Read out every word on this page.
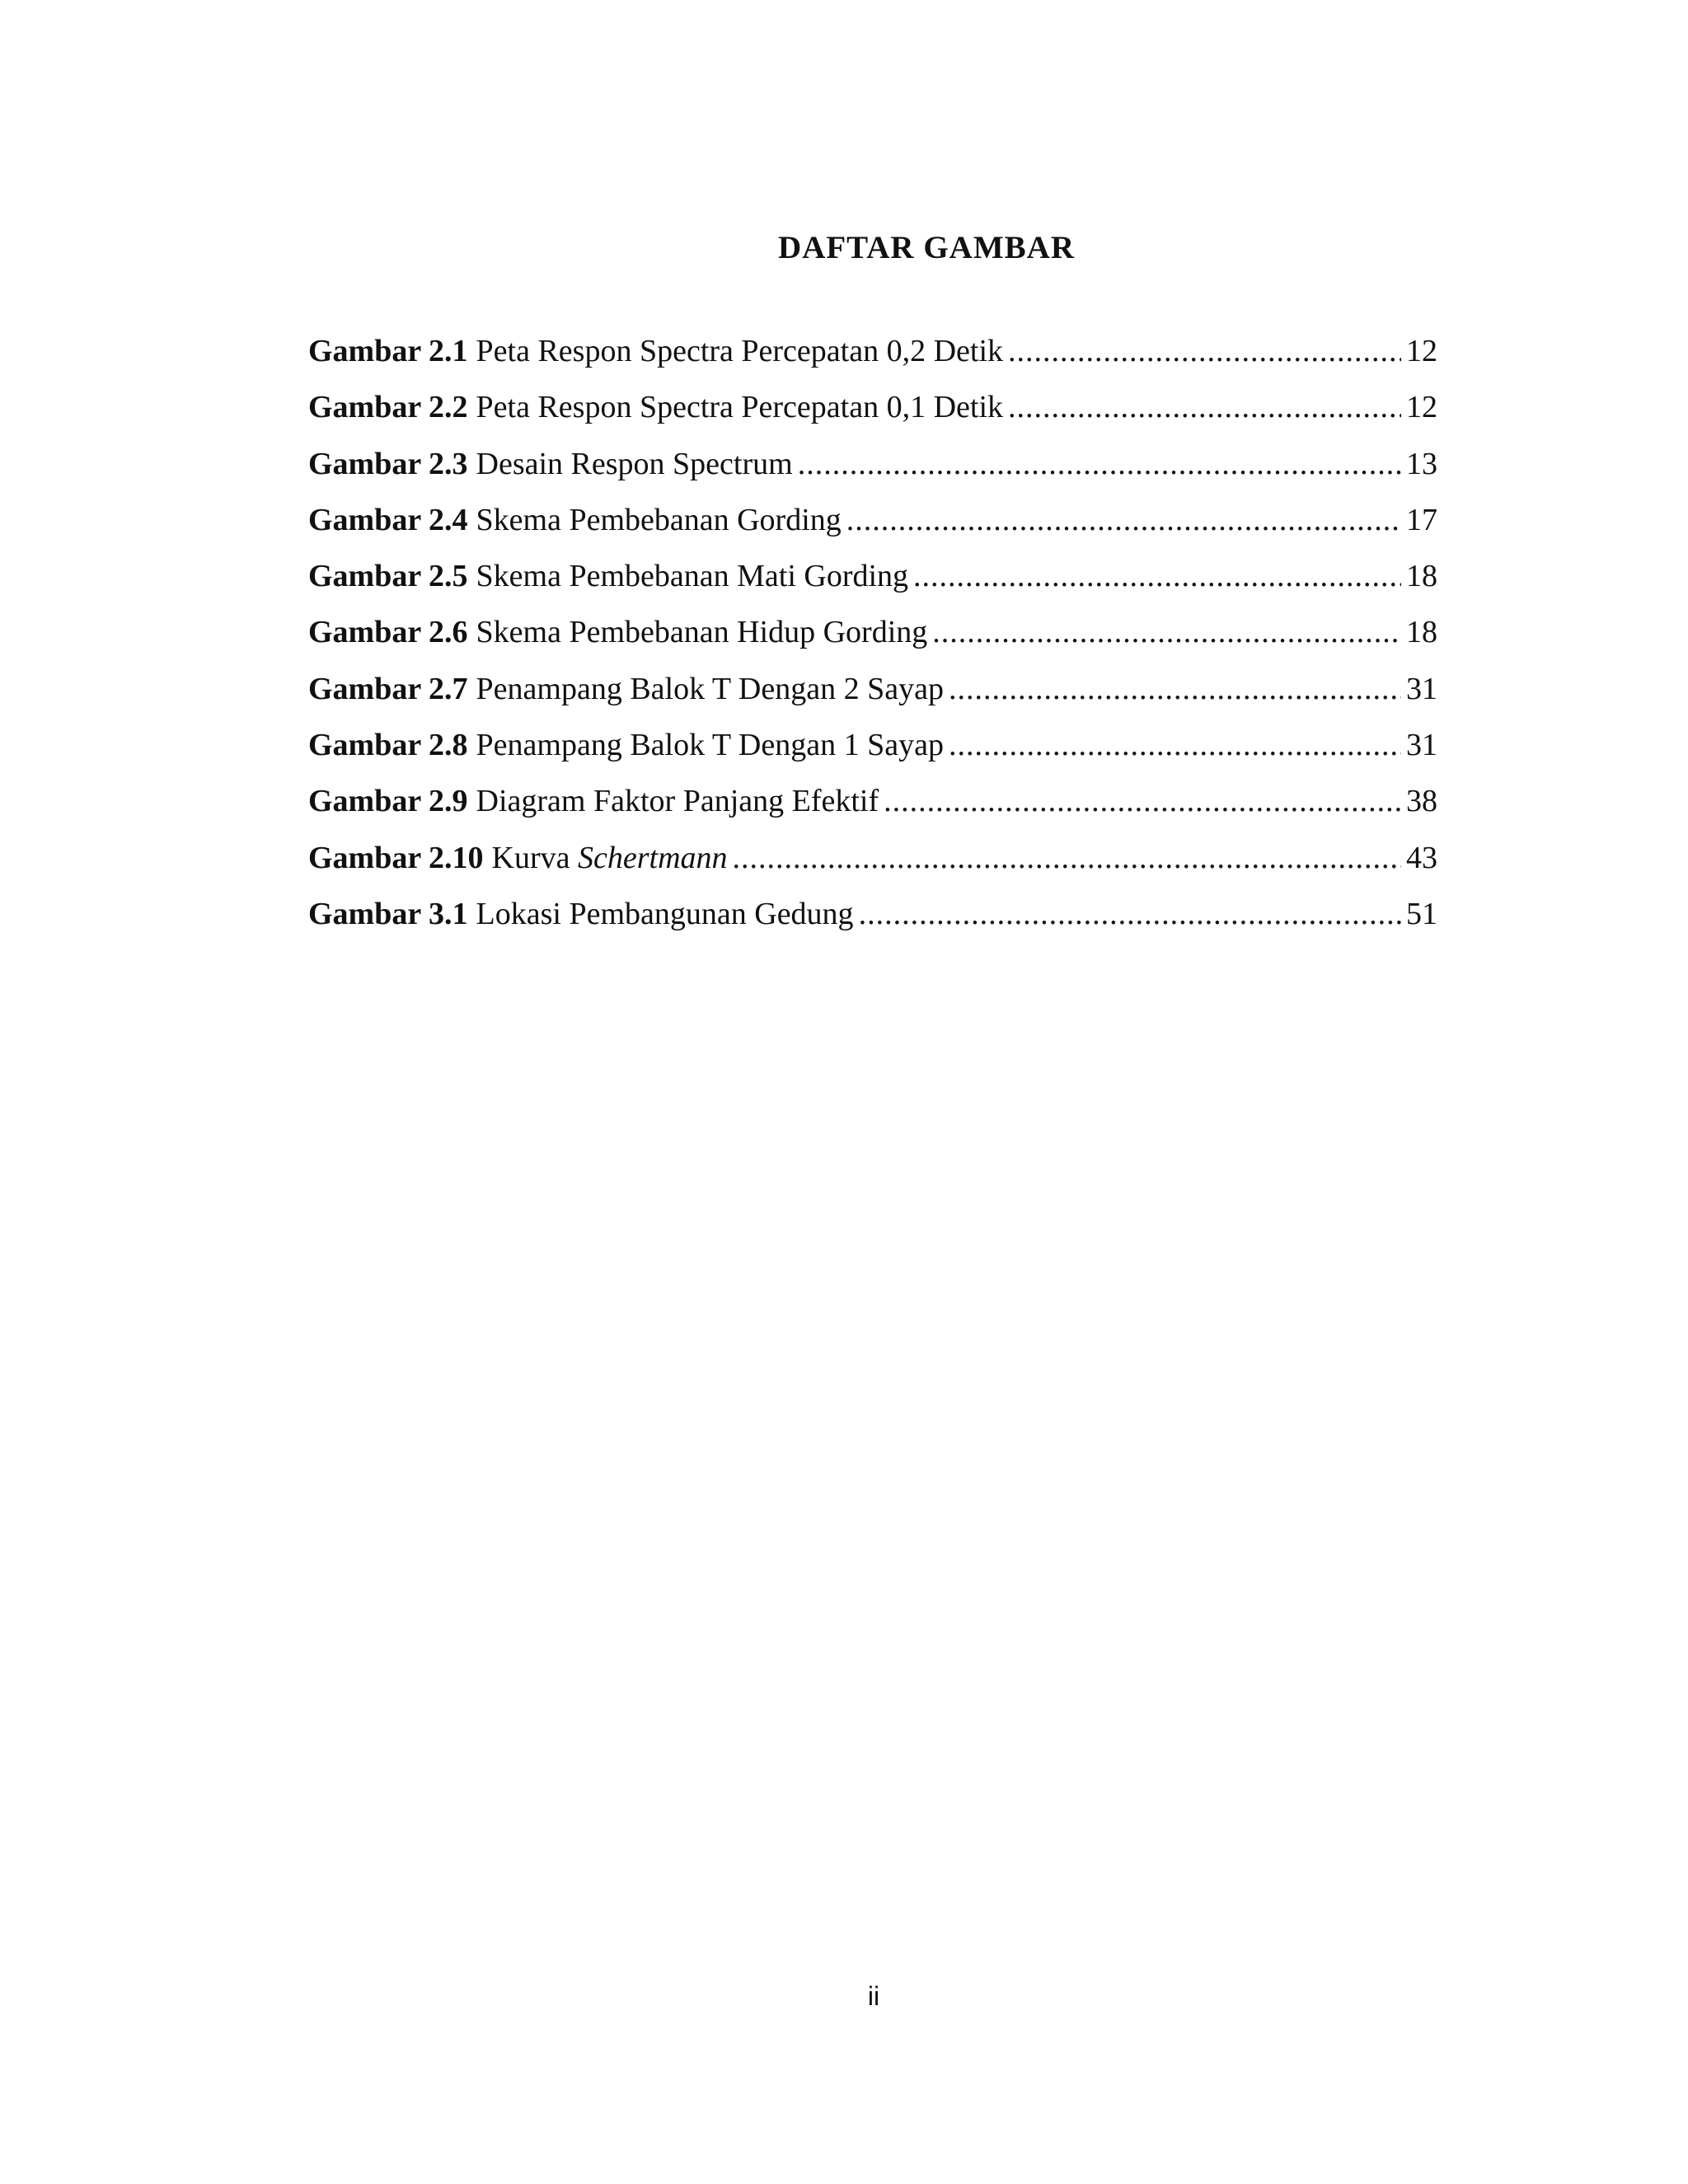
DAFTAR GAMBAR
Gambar 2.1 Peta Respon Spectra Percepatan 0,2 Detik .....	12
Gambar 2.2 Peta Respon Spectra Percepatan 0,1 Detik .....	12
Gambar 2.3 Desain Respon Spectrum .....	13
Gambar 2.4 Skema Pembebanan Gording .....	17
Gambar 2.5 Skema Pembebanan Mati Gording .....	18
Gambar 2.6 Skema Pembebanan Hidup Gording .....	18
Gambar 2.7 Penampang Balok T Dengan 2 Sayap .....	31
Gambar 2.8 Penampang Balok T Dengan 1 Sayap .....	31
Gambar 2.9 Diagram Faktor Panjang Efektif .....	38
Gambar 2.10 Kurva Schertmann .....	43
Gambar 3.1 Lokasi Pembangunan Gedung .....	51
ii
